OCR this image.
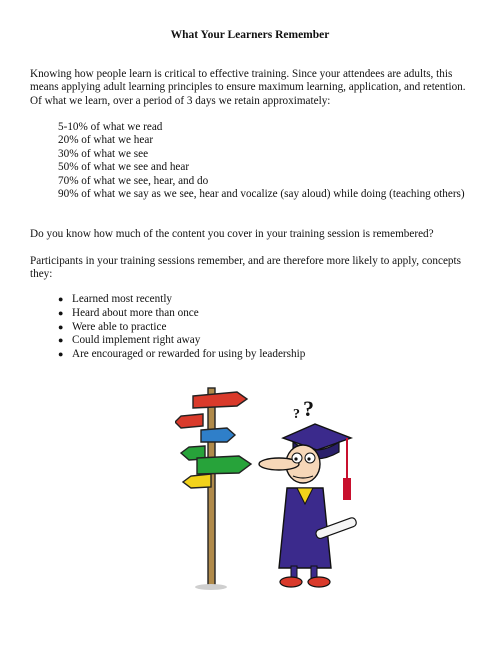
What Your Learners Remember
Knowing how people learn is critical to effective training. Since your attendees are adults, this means applying adult learning principles to ensure maximum learning, application, and retention. Of what we learn, over a period of 3 days we retain approximately:
5-10% of what we read
20% of what we hear
30% of what we see
50% of what we see and hear
70% of what we see, hear, and do
90% of what we say as we see, hear and vocalize (say aloud) while doing (teaching others)
Do you know how much of the content you cover in your training session is remembered?
Participants in your training sessions remember, and are therefore more likely to apply, concepts they:
● Learned most recently
● Heard about more than once
● Were able to practice
● Could implement right away
● Are encouraged or rewarded for using by leadership
?
?
